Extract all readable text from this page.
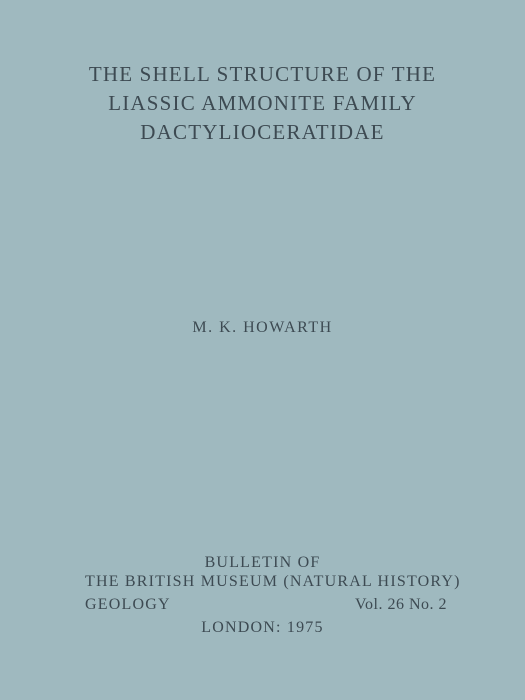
THE SHELL STRUCTURE OF THE
LIASSIC AMMONITE FAMILY
DACTYLIOCERATIDAE
M. K. HOWARTH
BULLETIN OF
THE BRITISH MUSEUM (NATURAL HISTORY)
GEOLOGY	Vol. 26 No. 2
LONDON: 1975
